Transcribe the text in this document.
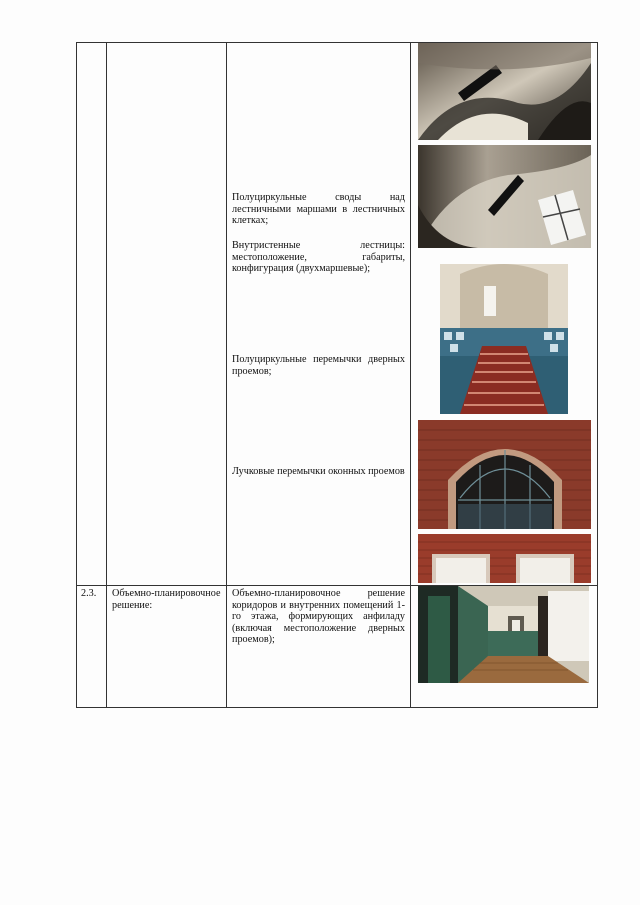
Полуциркульные своды над лестничными маршами в лестничных клетках;
Внутристенные лестницы: местоположение, габариты, конфигурация (двухмаршевые);
Полуциркульные перемычки дверных проемов;
Лучковые перемычки оконных проемов
2.3.	Объемно-планировочное решение:
Объемно-планировочное решение коридоров и внутренних помещений 1-го этажа, формирующих анфиладу (включая местоположение дверных проемов);
